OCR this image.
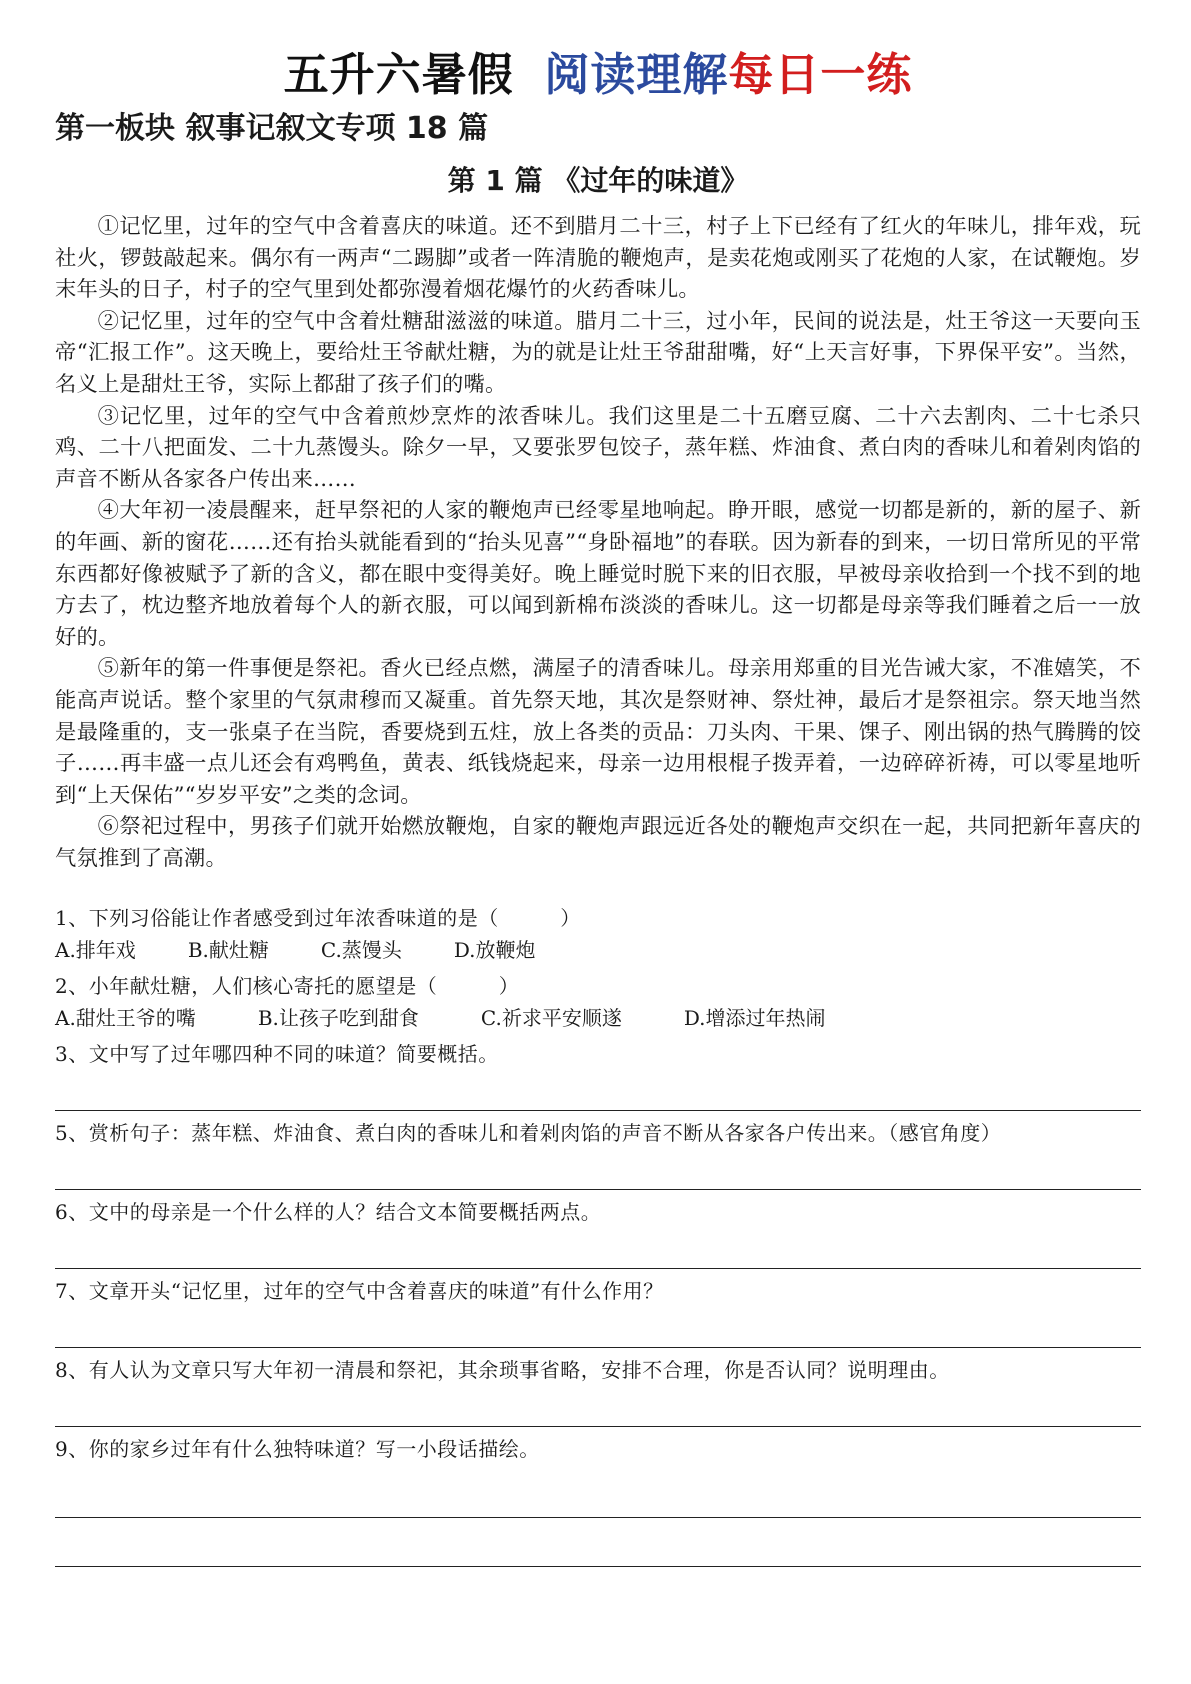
五升六暑假 阅读理解每日一练
第一板块 叙事记叙文专项 18 篇
第 1 篇 《过年的味道》

①记忆里，过年的空气中含着喜庆的味道。还不到腊月二十三，村子上下已经有了红火的年味儿，排年戏，玩社火，锣鼓敲起来。偶尔有一两声“二踢脚”或者一阵清脆的鞭炮声，是卖花炮或刚买了花炮的人家，在试鞭炮。岁末年头的日子，村子的空气里到处都弥漫着烟花爆竹的火药香味儿。

②记忆里，过年的空气中含着灶糖甜滋滋的味道。腊月二十三，过小年，民间的说法是，灶王爷这一天要向玉帝“汇报工作”。这天晚上，要给灶王爷献灶糖，为的就是让灶王爷甜甜嘴，好“上天言好事，下界保平安”。当然，名义上是甜灶王爷，实际上都甜了孩子们的嘴。

③记忆里，过年的空气中含着煎炒烹炸的浓香味儿。我们这里是二十五磨豆腐、二十六去割肉、二十七杀只鸡、二十八把面发、二十九蒸馒头。除夕一早，又要张罗包饺子，蒸年糕、炸油食、煮白肉的香味儿和着剁肉馅的声音不断从各家各户传出来……

④大年初一凌晨醒来，赶早祭祀的人家的鞭炮声已经零星地响起。睁开眼，感觉一切都是新的，新的屋子、新的年画、新的窗花……还有抬头就能看到的“抬头见喜”“身卧福地”的春联。因为新春的到来，一切日常所见的平常东西都好像被赋予了新的含义，都在眼中变得美好。晚上睡觉时脱下来的旧衣服，早被母亲收拾到一个找不到的地方去了，枕边整齐地放着每个人的新衣服，可以闻到新棉布淡淡的香味儿。这一切都是母亲等我们睡着之后一一放好的。

⑤新年的第一件事便是祭祀。香火已经点燃，满屋子的清香味儿。母亲用郑重的目光告诫大家，不准嬉笑，不能高声说话。整个家里的气氛肃穆而又凝重。首先祭天地，其次是祭财神、祭灶神，最后才是祭祖宗。祭天地当然是最隆重的，支一张桌子在当院，香要烧到五炷，放上各类的贡品：刀头肉、干果、馃子、刚出锅的热气腾腾的饺子……再丰盛一点儿还会有鸡鸭鱼，黄表、纸钱烧起来，母亲一边用根棍子拨弄着，一边碎碎祈祷，可以零星地听到“上天保佑”“岁岁平安”之类的念词。

⑥祭祀过程中，男孩子们就开始燃放鞭炮，自家的鞭炮声跟远近各处的鞭炮声交织在一起，共同把新年喜庆的气氛推到了高潮。

1、下列习俗能让作者感受到过年浓香味道的是（　　　）

A.排年戏	B.献灶糖	C.蒸馒头	D.放鞭炮

2、小年献灶糖，人们核心寄托的愿望是（　　　）

A.甜灶王爷的嘴	B.让孩子吃到甜食	C.祈求平安顺遂	D.增添过年热闹

3、文中写了过年哪四种不同的味道？简要概括。

5、赏析句子：蒸年糕、炸油食、煮白肉的香味儿和着剁肉馅的声音不断从各家各户传出来。（感官角度）

6、文中的母亲是一个什么样的人？结合文本简要概括两点。

7、文章开头“记忆里，过年的空气中含着喜庆的味道”有什么作用？

8、有人认为文章只写大年初一清晨和祭祀，其余琐事省略，安排不合理，你是否认同？说明理由。

9、你的家乡过年有什么独特味道？写一小段话描绘。
